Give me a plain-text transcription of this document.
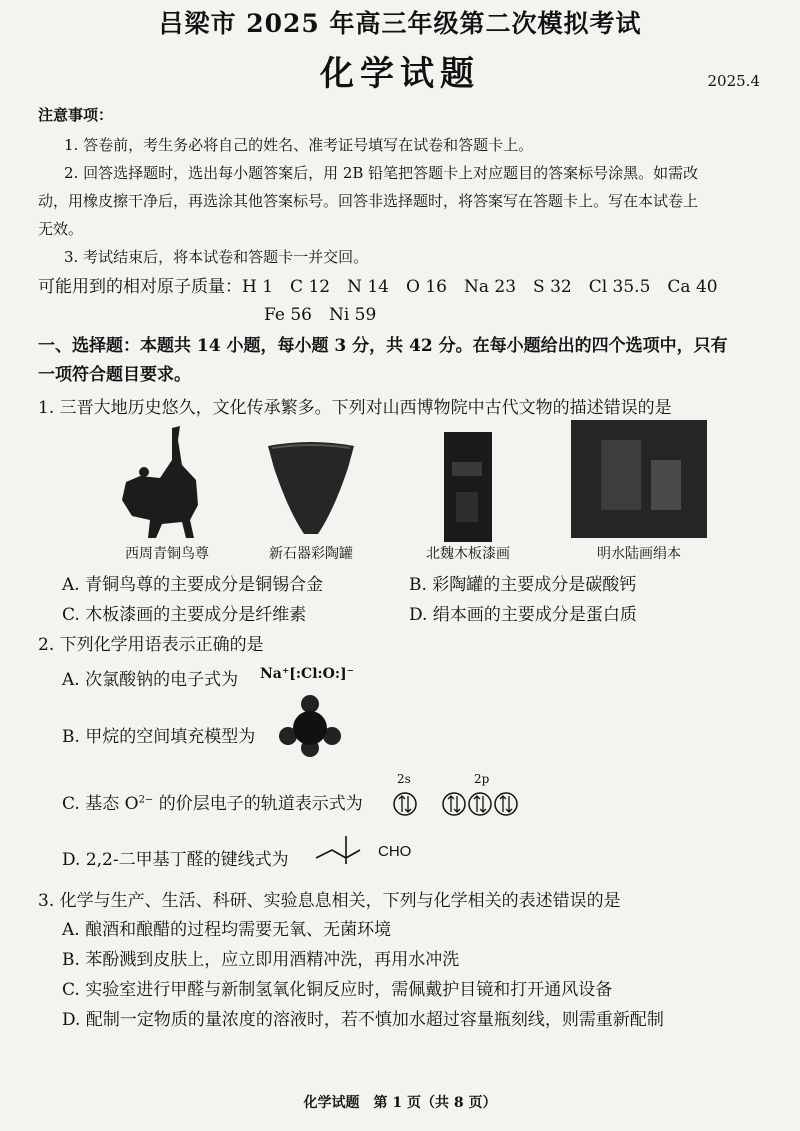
吕梁市 2025 年高三年级第二次模拟考试
化学试题	2025.4
注意事项：
1. 答卷前，考生务必将自己的姓名、准考证号填写在试卷和答题卡上。
2. 回答选择题时，选出每小题答案后，用 2B 铅笔把答题卡上对应题目的答案标号涂黑。如需改
动，用橡皮擦干净后，再选涂其他答案标号。回答非选择题时，将答案写在答题卡上。写在本试卷上
无效。
3. 考试结束后，将本试卷和答题卡一并交回。
可能用到的相对原子质量：H 1　C 12　N 14　O 16　Na 23　S 32　Cl 35.5　Ca 40
Fe 56　Ni 59
一、选择题：本题共 14 小题，每小题 3 分，共 42 分。在每小题给出的四个选项中，只有
一项符合题目要求。
1. 三晋大地历史悠久，文化传承繁多。下列对山西博物院中古代文物的描述错误的是
西周青铜鸟尊	新石器彩陶罐	北魏木板漆画	明水陆画绢本
A. 青铜鸟尊的主要成分是铜锡合金	B. 彩陶罐的主要成分是碳酸钙
C. 木板漆画的主要成分是纤维素	D. 绢本画的主要成分是蛋白质
2. 下列化学用语表示正确的是
A. 次氯酸钠的电子式为 Na⁺[:Cl:O:]⁻
B. 甲烷的空间填充模型为
C. 基态 $O^{2-}$ 的价层电子的轨道表示式为
2s	2p
D. 2,2-二甲基丁醛的键线式为	CHO
3. 化学与生产、生活、科研、实验息息相关，下列与化学相关的表述错误的是
A. 酿酒和酿醋的过程均需要无氧、无菌环境
B. 苯酚溅到皮肤上，应立即用酒精冲洗，再用水冲洗
C. 实验室进行甲醛与新制氢氧化铜反应时，需佩戴护目镜和打开通风设备
D. 配制一定物质的量浓度的溶液时，若不慎加水超过容量瓶刻线，则需重新配制
化学试题　第 1 页（共 8 页）
